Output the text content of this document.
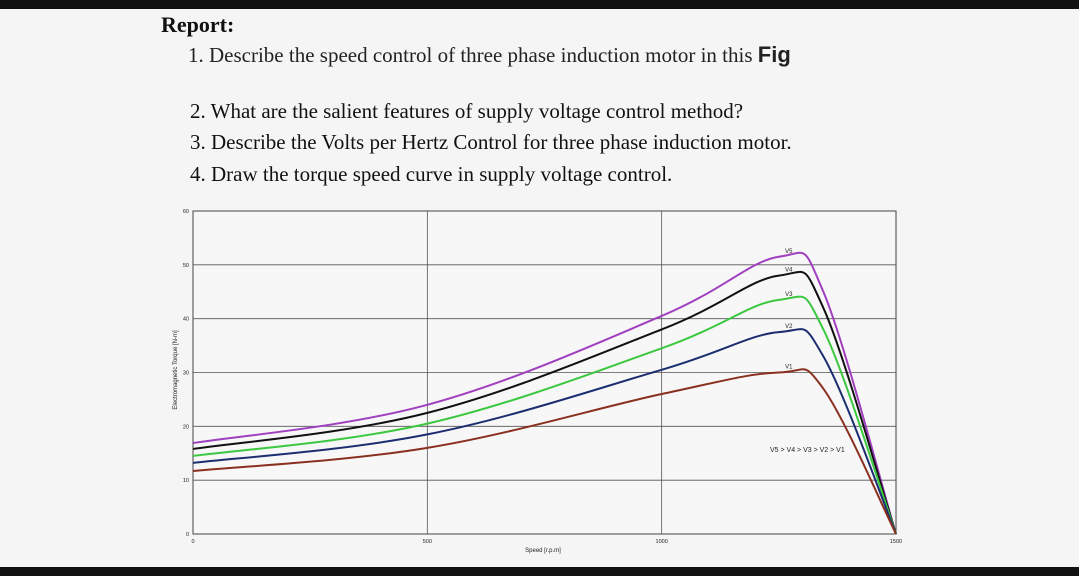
Report:
1. Describe the speed control of three phase induction motor in this Fig
2. What are the salient features of supply voltage control method?
3. Describe the Volts per Hertz Control for three phase induction motor.
4. Draw the torque speed curve in supply voltage control.
0
10
20
30
40
50
60
0	500	1000	1500
V5
V4
V3
V2
V1
V5 > V4 > V3 > V2 > V1
Speed [r.p.m]
Electromagnetic Torque [N-m]
